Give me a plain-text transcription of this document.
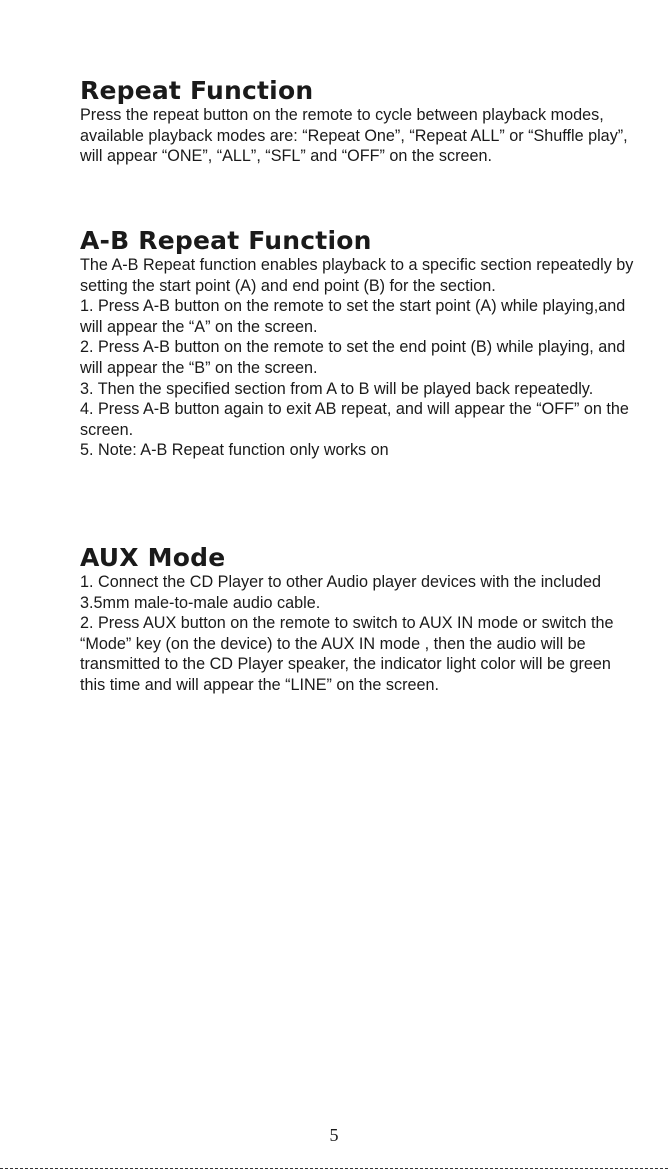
Repeat Function

Press the repeat button on the remote to cycle between playback modes, available playback modes are: “Repeat One”, “Repeat ALL” or “Shuffle play”, will appear “ONE”, “ALL”, “SFL” and “OFF” on the screen.

A-B Repeat Function

The A-B Repeat function enables playback to a specific section repeatedly by setting the start point (A) and end point (B) for the section.

1. Press A-B button on the remote to set the start point (A) while playing,and will appear the “A” on the screen.

2. Press A-B button on the remote to set the end point (B) while playing, and will appear the “B” on the screen.

3. Then the specified section from A to B will be played back repeatedly.

4. Press A-B button again to exit AB repeat, and will appear the “OFF” on the screen.

5. Note: A-B Repeat function only works on

AUX Mode

1. Connect the CD Player to other Audio player devices with the included 3.5mm male-to-male audio cable.

2. Press AUX button on the remote to switch to AUX IN mode or switch the “Mode” key (on the device) to the AUX IN mode , then the audio will be transmitted to the CD Player speaker, the indicator light color will be green this time and will appear the “LINE” on the screen.

5
